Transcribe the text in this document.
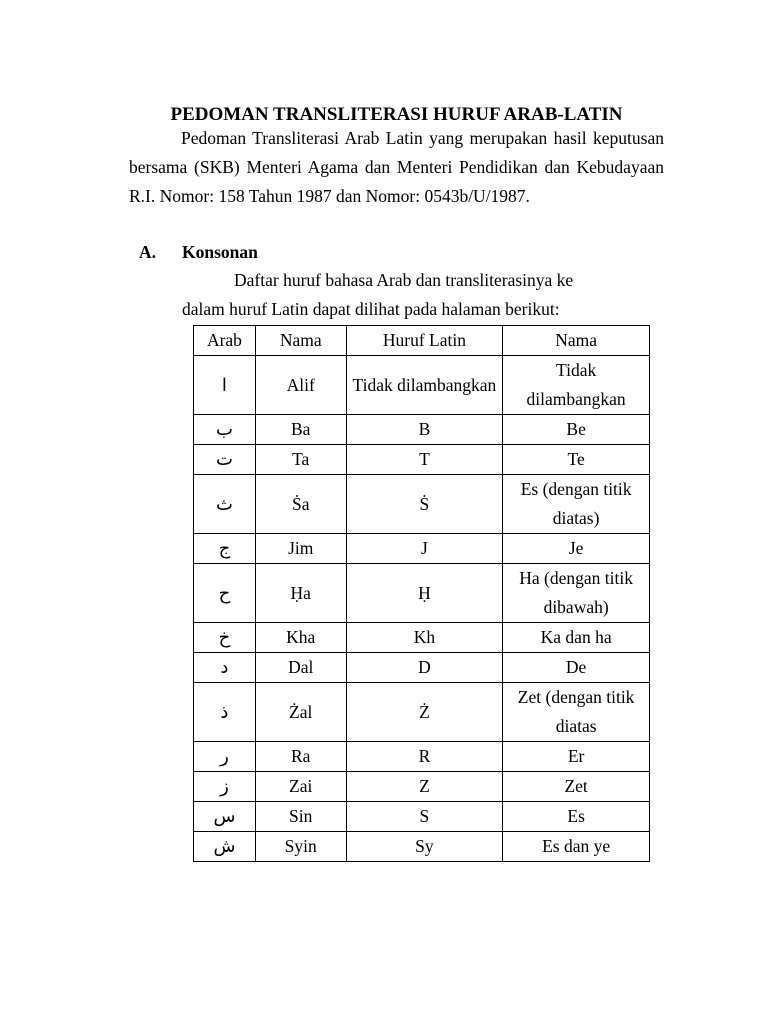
PEDOMAN TRANSLITERASI HURUF ARAB-LATIN

Pedoman Transliterasi Arab Latin yang merupakan hasil keputusan bersama (SKB) Menteri Agama dan Menteri Pendidikan dan Kebudayaan R.I. Nomor: 158 Tahun 1987 dan Nomor: 0543b/U/1987.

A. Konsonan

Daftar huruf bahasa Arab dan transliterasinya ke
dalam huruf Latin dapat dilihat pada halaman berikut:

Arab	Nama	Huruf Latin	Nama
ا	Alif	Tidak dilambangkan	Tidak dilambangkan
ب	Ba	B	Be
ت	Ta	T	Te
ث	Ṡa	Ṡ	Es (dengan titik diatas)
ج	Jim	J	Je
ح	Ḥa	Ḥ	Ha (dengan titik dibawah)
خ	Kha	Kh	Ka dan ha
د	Dal	D	De
ذ	Żal	Ż	Zet (dengan titik diatas
ر	Ra	R	Er
ز	Zai	Z	Zet
س	Sin	S	Es
ش	Syin	Sy	Es dan ye
